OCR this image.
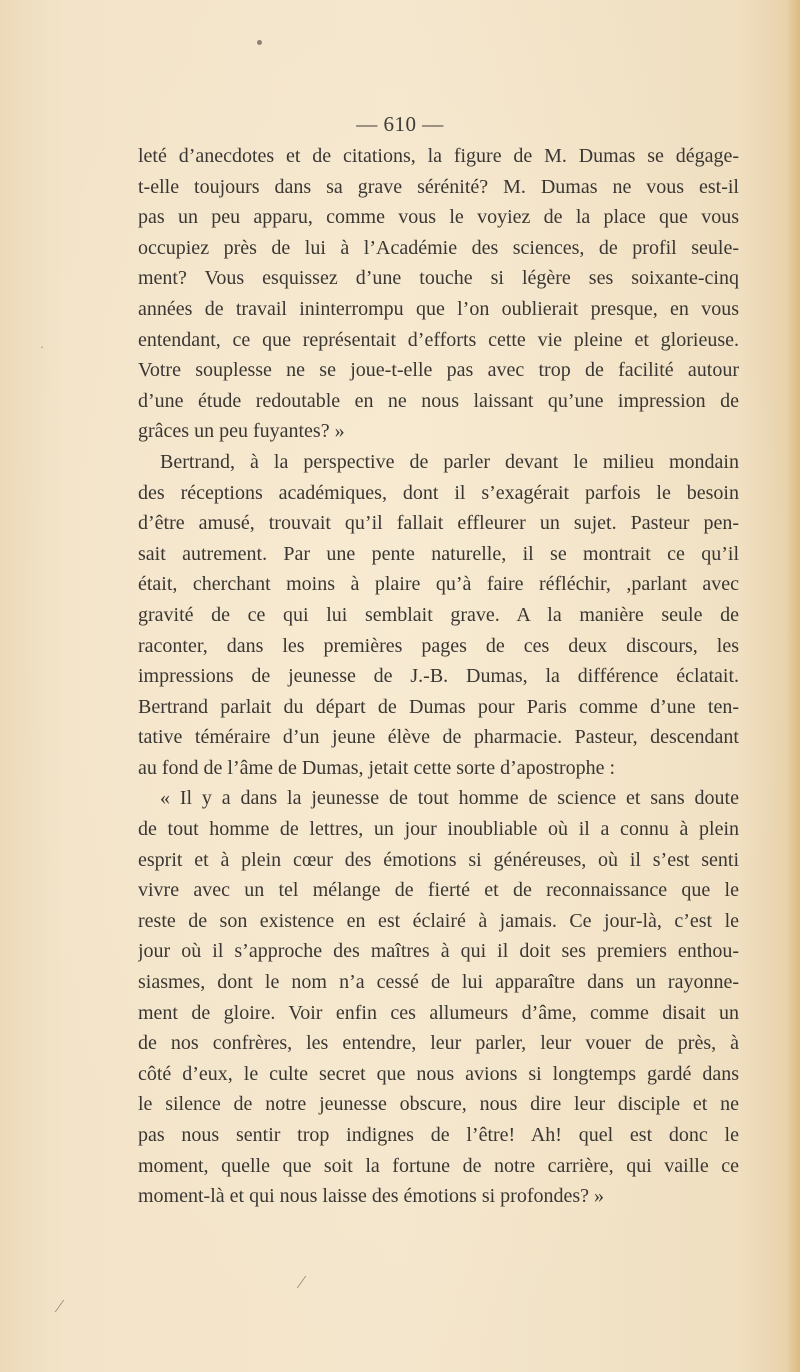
— 610 —
leté d’anecdotes et de citations, la figure de M. Dumas se dégage-
t-elle toujours dans sa grave sérénité? M. Dumas ne vous est-il
pas un peu apparu, comme vous le voyiez de la place que vous
occupiez près de lui à l’Académie des sciences, de profil seule-
ment? Vous esquissez d’une touche si légère ses soixante-cinq
années de travail ininterrompu que l’on oublierait presque, en vous
entendant, ce que représentait d’efforts cette vie pleine et glorieuse.
Votre souplesse ne se joue-t-elle pas avec trop de facilité autour
d’une étude redoutable en ne nous laissant qu’une impression de
grâces un peu fuyantes? »
Bertrand, à la perspective de parler devant le milieu mondain
des réceptions académiques, dont il s’exagérait parfois le besoin
d’être amusé, trouvait qu’il fallait effleurer un sujet. Pasteur pen-
sait autrement. Par une pente naturelle, il se montrait ce qu’il
était, cherchant moins à plaire qu’à faire réfléchir, ,parlant avec
gravité de ce qui lui semblait grave. A la manière seule de
raconter, dans les premières pages de ces deux discours, les
impressions de jeunesse de J.-B. Dumas, la différence éclatait.
Bertrand parlait du départ de Dumas pour Paris comme d’une ten-
tative téméraire d’un jeune élève de pharmacie. Pasteur, descendant
au fond de l’âme de Dumas, jetait cette sorte d’apostrophe :
« Il y a dans la jeunesse de tout homme de science et sans doute
de tout homme de lettres, un jour inoubliable où il a connu à plein
esprit et à plein cœur des émotions si généreuses, où il s’est senti
vivre avec un tel mélange de fierté et de reconnaissance que le
reste de son existence en est éclairé à jamais. Ce jour-là, c’est le
jour où il s’approche des maîtres à qui il doit ses premiers enthou-
siasmes, dont le nom n’a cessé de lui apparaître dans un rayonne-
ment de gloire. Voir enfin ces allumeurs d’âme, comme disait un
de nos confrères, les entendre, leur parler, leur vouer de près, à
côté d’eux, le culte secret que nous avions si longtemps gardé dans
le silence de notre jeunesse obscure, nous dire leur disciple et ne
pas nous sentir trop indignes de l’être! Ah! quel est donc le
moment, quelle que soit la fortune de notre carrière, qui vaille ce
moment-là et qui nous laisse des émotions si profondes? »
⁄
⁄
·
